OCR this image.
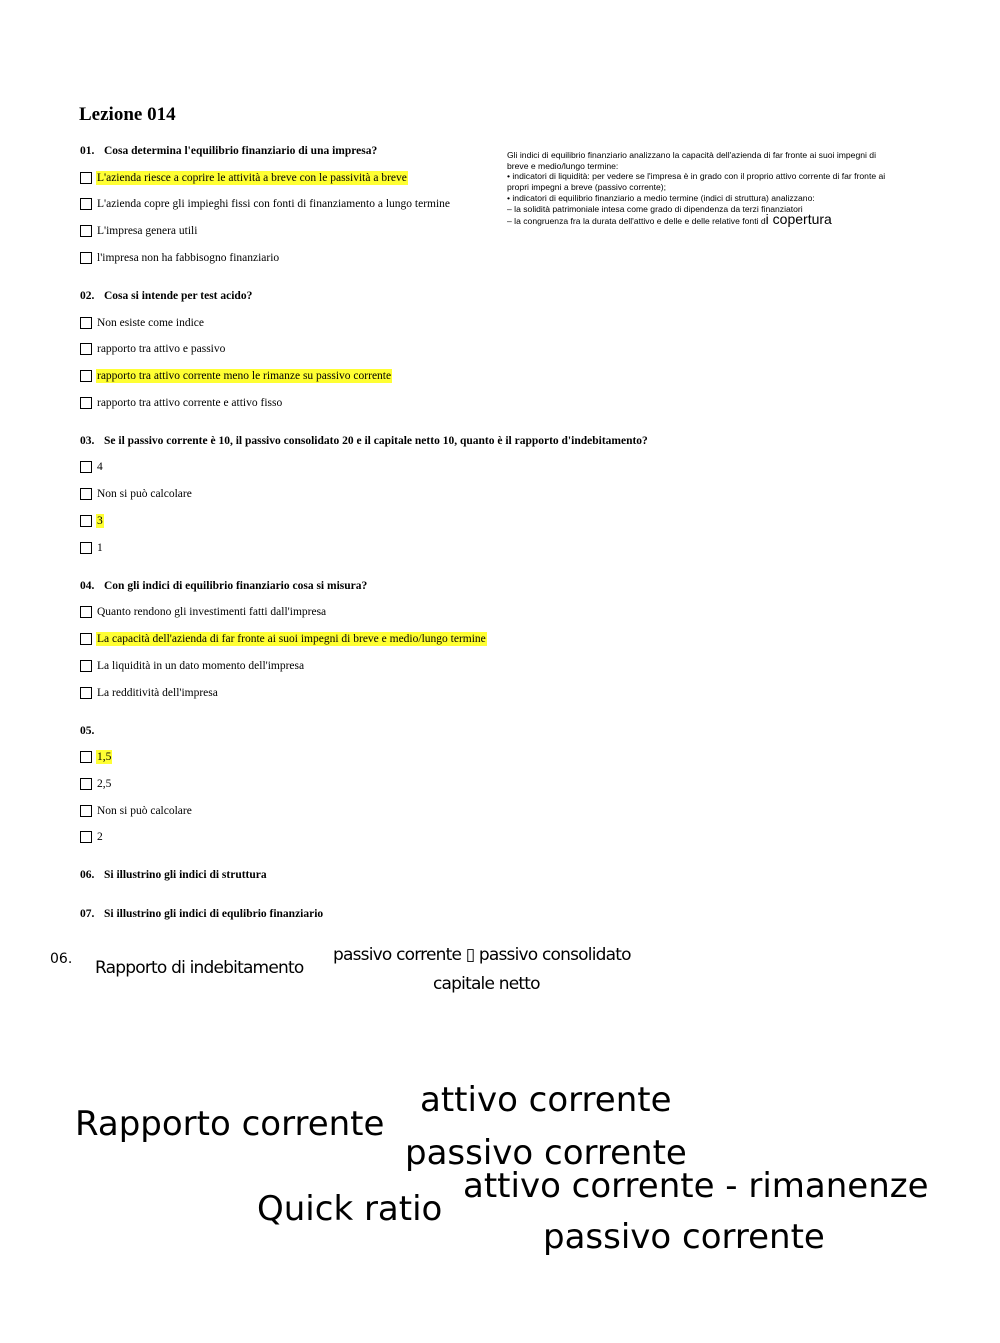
Lezione 014
01. Cosa determina l'equilibrio finanziario di una impresa?
L'azienda riesce a coprire le attività a breve con le passività a breve
L'azienda copre gli impieghi fissi con fonti di finanziamento a lungo termine
L'impresa genera utili
l'impresa non ha fabbisogno finanziario
02. Cosa si intende per test acido?
Non esiste come indice
rapporto tra attivo e passivo
rapporto tra attivo corrente meno le rimanze su passivo corrente
rapporto tra attivo corrente e attivo fisso
03. Se il passivo corrente è 10, il passivo consolidato 20 e il capitale netto 10, quanto è il rapporto d'indebitamento?
4
Non si può calcolare
3
1
04. Con gli indici di equilibrio finanziario cosa si misura?
Quanto rendono gli investimenti fatti dall'impresa
La capacità dell'azienda di far fronte ai suoi impegni di breve e medio/lungo termine
La liquidità in un dato momento dell'impresa
La redditività dell'impresa
05.
1,5
2,5
Non si può calcolare
2
06. Si illustrino gli indici di struttura
07. Si illustrino gli indici di equlibrio finanziario

Gli indici di equilibrio finanziario analizzano la capacità dell'azienda di far fronte ai suoi impegni di breve e medio/lungo termine:

• indicatori di liquidità: per vedere se l'impresa è in grado con il proprio attivo corrente di far fronte ai propri impegni a breve (passivo corrente);

• indicatori di equilibrio finanziario a medio termine (indici di struttura) analizzano:

– la solidità patrimoniale intesa come grado di dipendenza da terzi finanziatori

– la congruenza fra la durata dell'attivo e delle e delle relative fonti di copertura

06. Rapporto di indebitamento
passivo corrente ▯ passivo consolidato
capitale netto
Rapporto corrente
attivo corrente
passivo corrente
Quick ratio
attivo corrente - rimanenze
passivo corrente
